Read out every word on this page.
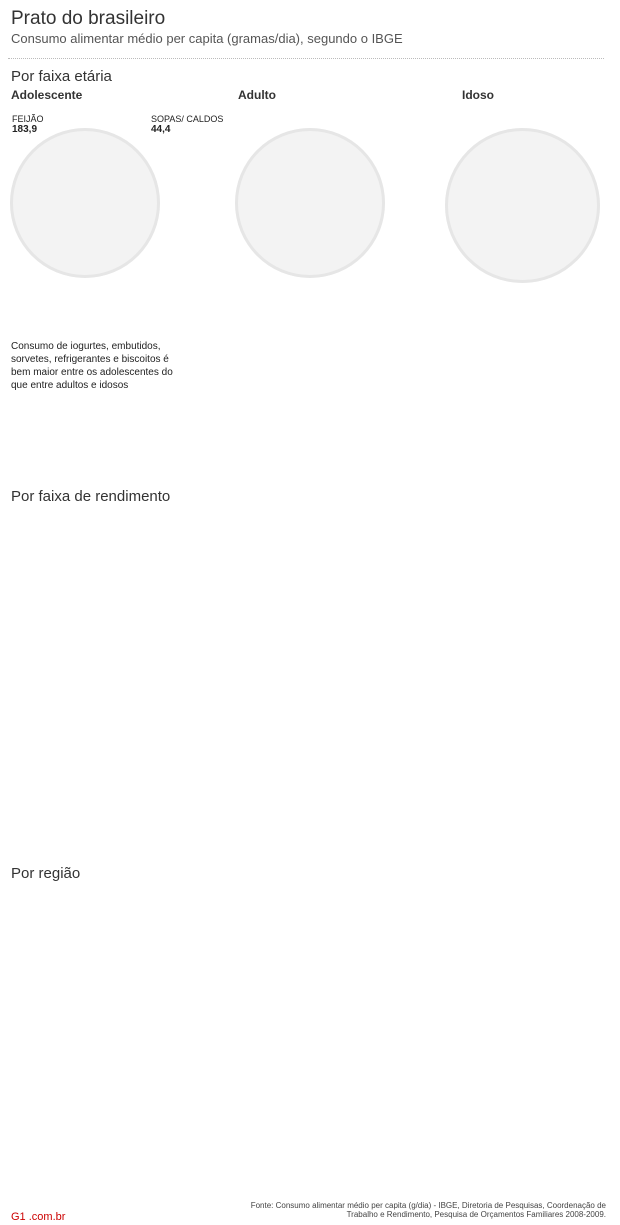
Prato do brasileiro
Consumo alimentar médio per capita (gramas/dia), segundo o IBGE
Por faixa etária
Adolescente	Adulto	Idoso
FEIJÃO
183,9
SOPAS/ CALDOS
44,4
Consumo de iogurtes, embutidos, sorvetes, refrigerantes e biscoitos é bem maior entre os adolescentes do que entre adultos e idosos
Por faixa de rendimento
Por região
G1 .com.br
Fonte: Consumo alimentar médio per capita (g/dia) - IBGE, Diretoria de Pesquisas, Coordenação de Trabalho e Rendimento, Pesquisa de Orçamentos Familiares 2008-2009.
